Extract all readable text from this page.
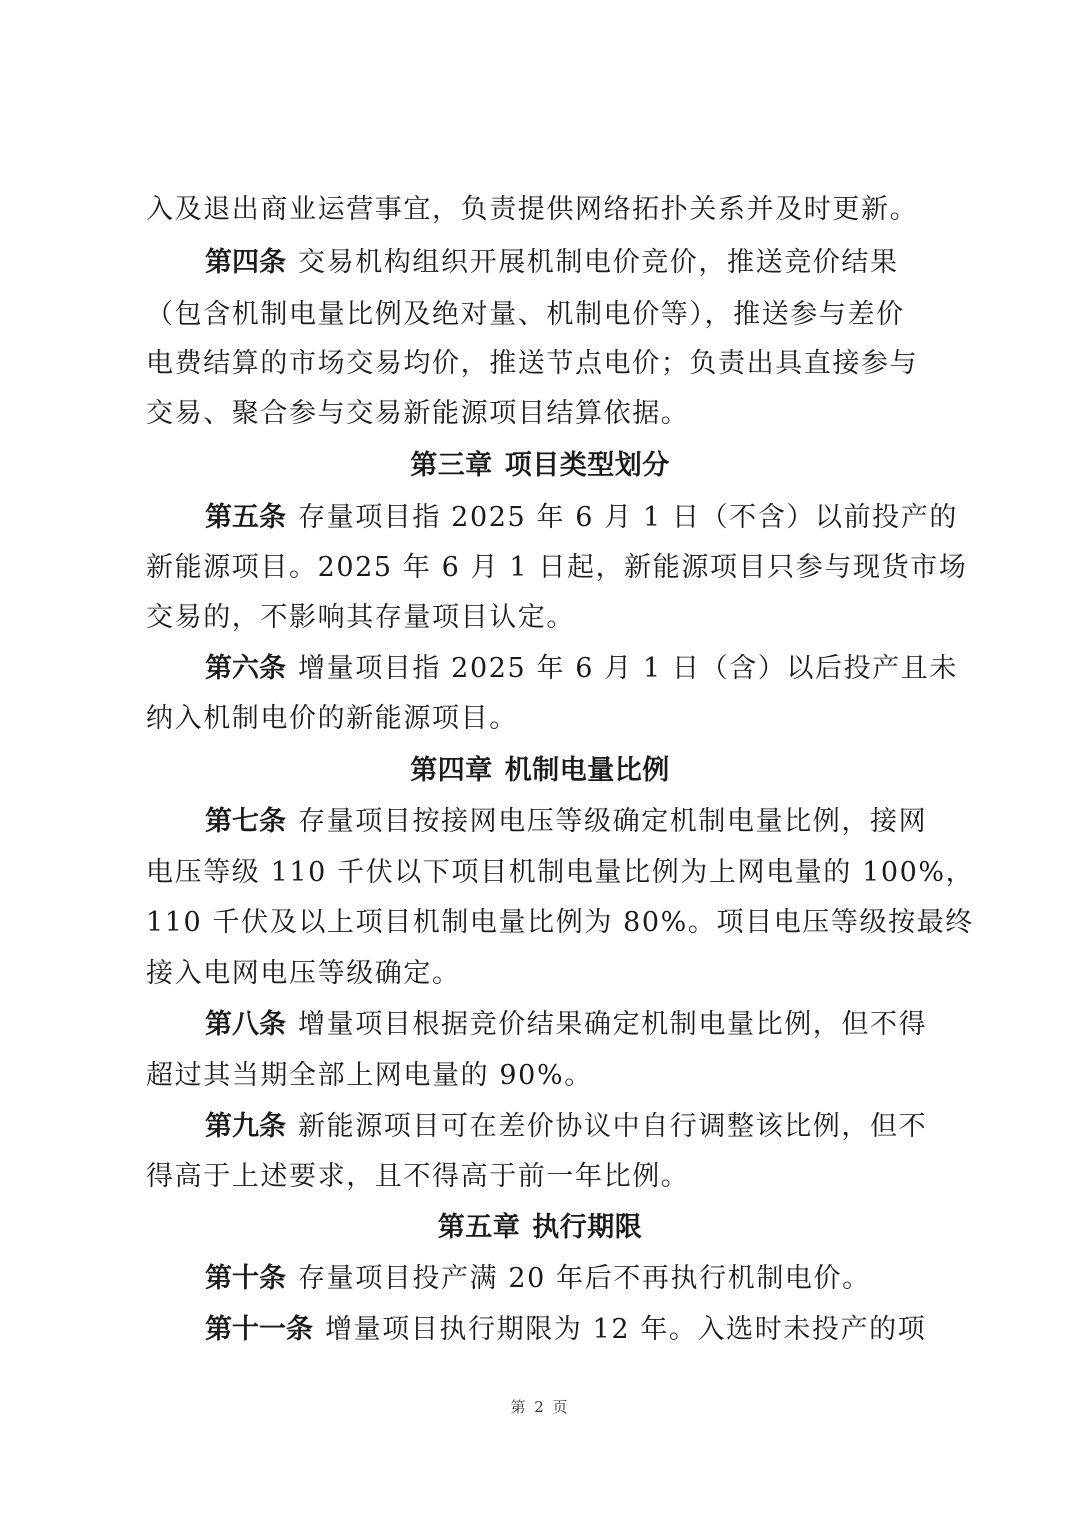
入及退出商业运营事宜，负责提供网络拓扑关系并及时更新。
第四条 交易机构组织开展机制电价竞价，推送竞价结果
（包含机制电量比例及绝对量、机制电价等），推送参与差价
电费结算的市场交易均价，推送节点电价；负责出具直接参与
交易、聚合参与交易新能源项目结算依据。
第三章 项目类型划分
第五条 存量项目指 2025 年 6 月 1 日（不含）以前投产的
新能源项目。2025 年 6 月 1 日起，新能源项目只参与现货市场
交易的，不影响其存量项目认定。
第六条 增量项目指 2025 年 6 月 1 日（含）以后投产且未
纳入机制电价的新能源项目。
第四章 机制电量比例
第七条 存量项目按接网电压等级确定机制电量比例，接网
电压等级 110 千伏以下项目机制电量比例为上网电量的 100%，
110 千伏及以上项目机制电量比例为 80%。项目电压等级按最终
接入电网电压等级确定。
第八条 增量项目根据竞价结果确定机制电量比例，但不得
超过其当期全部上网电量的 90%。
第九条 新能源项目可在差价协议中自行调整该比例，但不
得高于上述要求，且不得高于前一年比例。
第五章 执行期限
第十条 存量项目投产满 20 年后不再执行机制电价。
第十一条 增量项目执行期限为 12 年。入选时未投产的项
第 2 页
